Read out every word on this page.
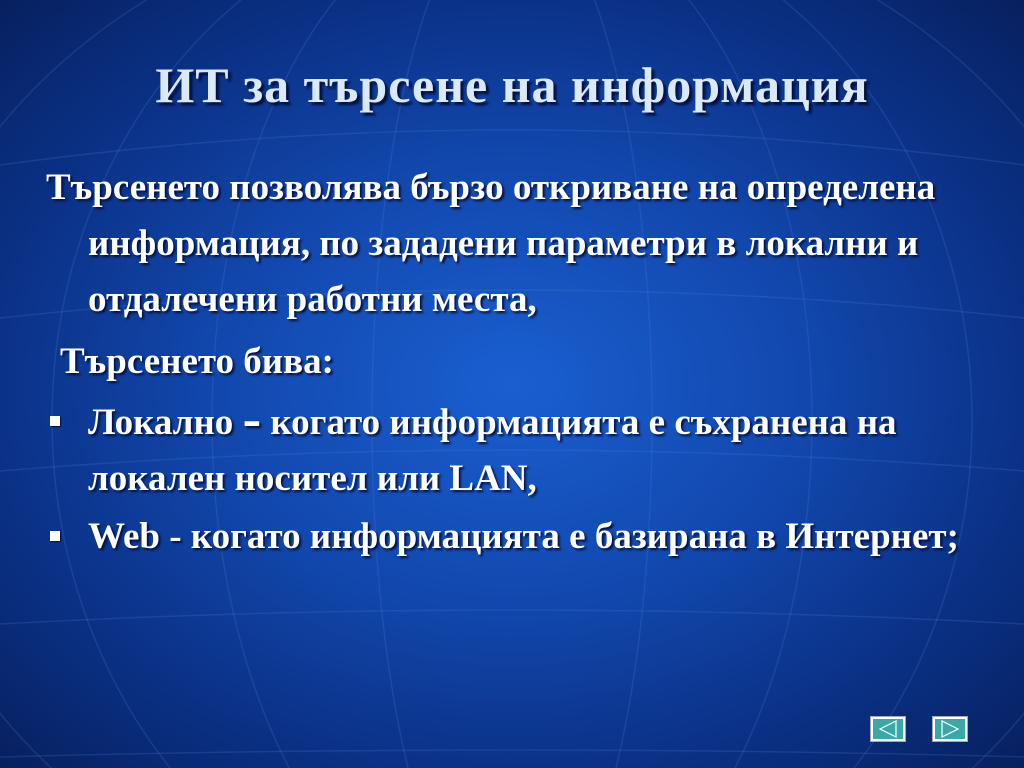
ИТ за търсене на информация

Търсенето позволява бързо откриване на определена информация, по зададени параметри в локални и отдалечени работни места,

Търсенето бива:

Локално – когато информацията е съхранена на локален носител или LAN,
Web - когато информацията е базирана в Интернет;
